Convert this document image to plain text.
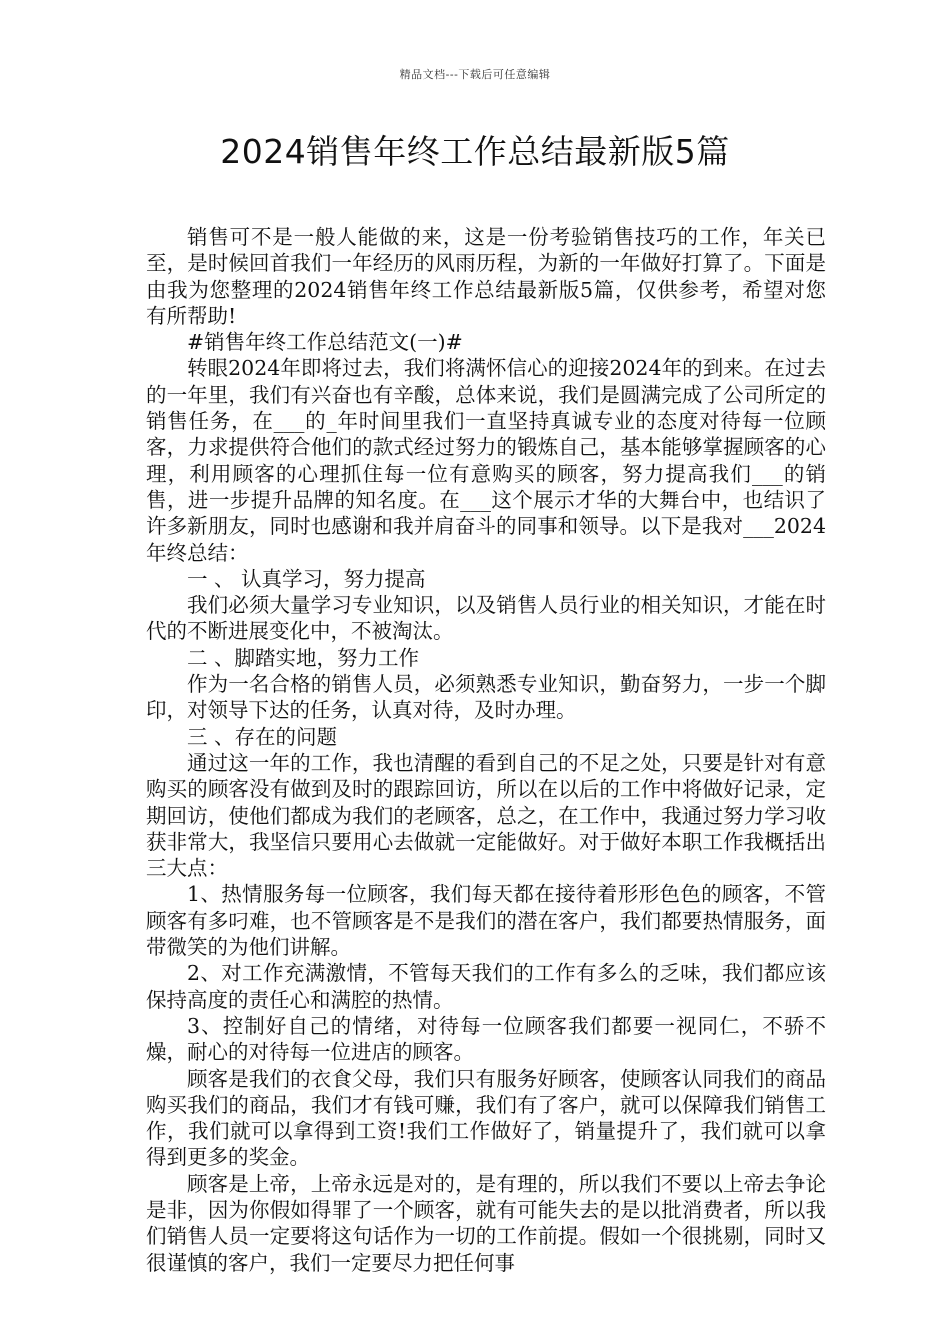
精品文档---下载后可任意编辑
2024销售年终工作总结最新版5篇

销售可不是一般人能做的来，这是一份考验销售技巧的工作，年关已至，是时候回首我们一年经历的风雨历程，为新的一年做好打算了。下面是由我为您整理的2024销售年终工作总结最新版5篇，仅供参考，希望对您有所帮助!

#销售年终工作总结范文(一)#

转眼2024年即将过去，我们将满怀信心的迎接2024年的到来。在过去的一年里，我们有兴奋也有辛酸，总体来说，我们是圆满完成了公司所定的销售任务，在___的_年时间里我们一直坚持真诚专业的态度对待每一位顾客，力求提供符合他们的款式经过努力的锻炼自己，基本能够掌握顾客的心理，利用顾客的心理抓住每一位有意购买的顾客，努力提高我们___的销售，进一步提升品牌的知名度。在___这个展示才华的大舞台中，也结识了许多新朋友，同时也感谢和我并肩奋斗的同事和领导。以下是我对___2024年终总结：

一 、 认真学习，努力提高

我们必须大量学习专业知识，以及销售人员行业的相关知识，才能在时代的不断进展变化中，不被淘汰。

二 、脚踏实地，努力工作

作为一名合格的销售人员，必须熟悉专业知识，勤奋努力，一步一个脚印，对领导下达的任务，认真对待，及时办理。

三 、存在的问题

通过这一年的工作，我也清醒的看到自己的不足之处，只要是针对有意购买的顾客没有做到及时的跟踪回访，所以在以后的工作中将做好记录，定期回访，使他们都成为我们的老顾客，总之，在工作中，我通过努力学习收获非常大，我坚信只要用心去做就一定能做好。对于做好本职工作我概括出三大点：

1、热情服务每一位顾客，我们每天都在接待着形形色色的顾客，不管顾客有多叼难，也不管顾客是不是我们的潜在客户，我们都要热情服务，面带微笑的为他们讲解。

2、对工作充满激情，不管每天我们的工作有多么的乏味，我们都应该保持高度的责任心和满腔的热情。

3、控制好自己的情绪，对待每一位顾客我们都要一视同仁，不骄不燥，耐心的对待每一位进店的顾客。

顾客是我们的衣食父母，我们只有服务好顾客，使顾客认同我们的商品购买我们的商品，我们才有钱可赚，我们有了客户，就可以保障我们销售工作，我们就可以拿得到工资!我们工作做好了，销量提升了，我们就可以拿得到更多的奖金。

顾客是上帝，上帝永远是对的，是有理的，所以我们不要以上帝去争论是非，因为你假如得罪了一个顾客，就有可能失去的是以批消费者，所以我们销售人员一定要将这句话作为一切的工作前提。假如一个很挑剔，同时又很谨慎的客户，我们一定要尽力把任何事
